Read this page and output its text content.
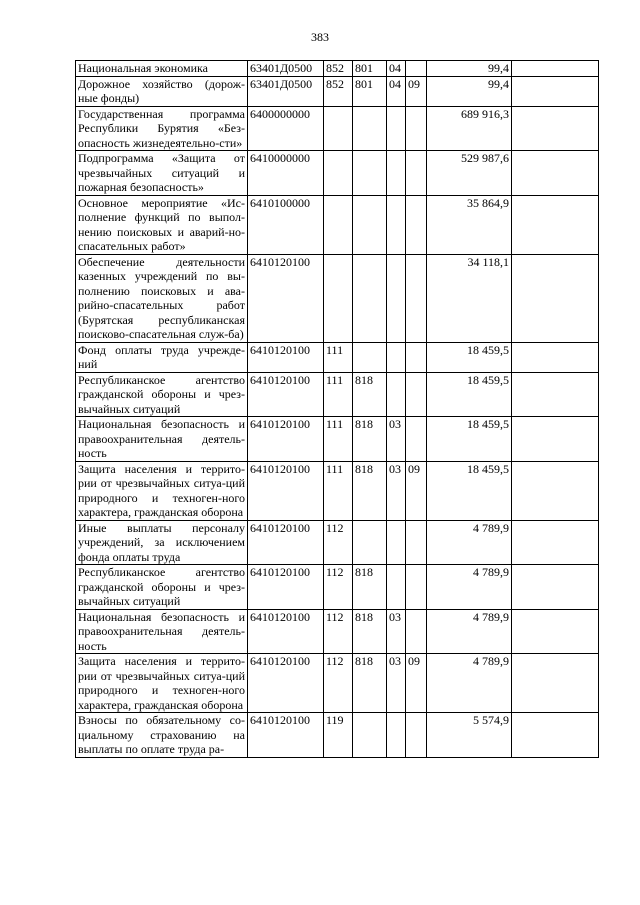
383
Национальная экономика	63401Д0500	852	801	04		99,4	
Дорожное хозяйство (дорож-ные фонды)	63401Д0500	852	801	04	09	99,4	
Государственная программа Республики Бурятия «Без-опасность жизнедеятельно-сти»	6400000000					689 916,3	
Подпрограмма «Защита от чрезвычайных ситуаций и пожарная безопасность»	6410000000					529 987,6	
Основное мероприятие «Ис-полнение функций по выпол-нению поисковых и аварий-но-спасательных работ»	6410100000					35 864,9	
Обеспечение деятельности казенных учреждений по вы-полнению поисковых и ава-рийно-спасательных работ (Бурятская республиканская поисково-спасательная служ-ба)	6410120100					34 118,1	
Фонд оплаты труда учрежде-ний	6410120100	111				18 459,5	
Республиканское агентство гражданской обороны и чрез-вычайных ситуаций	6410120100	111	818			18 459,5	
Национальная безопасность и правоохранительная деятель-ность	6410120100	111	818	03		18 459,5	
Защита населения и террито-рии от чрезвычайных ситуа-ций природного и техноген-ного характера, гражданская оборона	6410120100	111	818	03	09	18 459,5	
Иные выплаты персоналу учреждений, за исключением фонда оплаты труда	6410120100	112				4 789,9	
Республиканское агентство гражданской обороны и чрез-вычайных ситуаций	6410120100	112	818			4 789,9	
Национальная безопасность и правоохранительная деятель-ность	6410120100	112	818	03		4 789,9	
Защита населения и террито-рии от чрезвычайных ситуа-ций природного и техноген-ного характера, гражданская оборона	6410120100	112	818	03	09	4 789,9	
Взносы по обязательному со-циальному страхованию на выплаты по оплате труда ра-	6410120100	119				5 574,9	
